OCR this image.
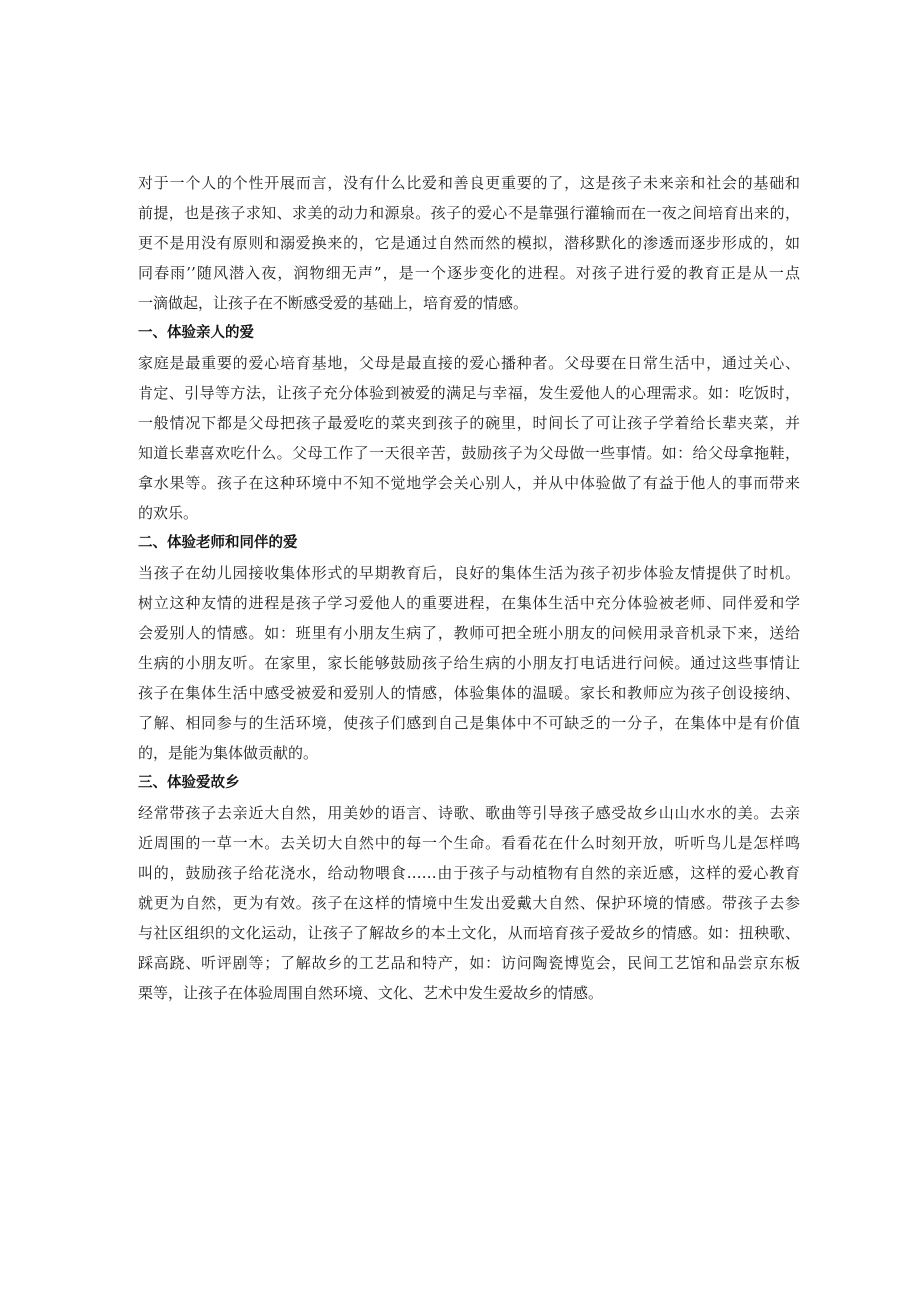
对于一个人的个性开展而言，没有什么比爱和善良更重要的了，这是孩子未来亲和社会的基础和
前提，也是孩子求知、求美的动力和源泉。孩子的爱心不是靠强行灌输而在一夜之间培育出来的，
更不是用没有原则和溺爱换来的，它是通过自然而然的模拟，潜移默化的渗透而逐步形成的，如
同春雨’’随风潜入夜，润物细无声”，是一个逐步变化的进程。对孩子进行爱的教育正是从一点
一滴做起，让孩子在不断感受爱的基础上，培育爱的情感。
一、体验亲人的爱
家庭是最重要的爱心培育基地，父母是最直接的爱心播种者。父母要在日常生活中，通过关心、
肯定、引导等方法，让孩子充分体验到被爱的满足与幸福，发生爱他人的心理需求。如：吃饭时，
一般情况下都是父母把孩子最爱吃的菜夹到孩子的碗里，时间长了可让孩子学着给长辈夹菜，并
知道长辈喜欢吃什么。父母工作了一天很辛苦，鼓励孩子为父母做一些事情。如：给父母拿拖鞋，
拿水果等。孩子在这种环境中不知不觉地学会关心别人，并从中体验做了有益于他人的事而带来
的欢乐。
二、体验老师和同伴的爱
当孩子在幼儿园接收集体形式的早期教育后，良好的集体生活为孩子初步体验友情提供了时机。
树立这种友情的进程是孩子学习爱他人的重要进程，在集体生活中充分体验被老师、同伴爱和学
会爱别人的情感。如：班里有小朋友生病了，教师可把全班小朋友的问候用录音机录下来，送给
生病的小朋友听。在家里，家长能够鼓励孩子给生病的小朋友打电话进行问候。通过这些事情让
孩子在集体生活中感受被爱和爱别人的情感，体验集体的温暖。家长和教师应为孩子创设接纳、
了解、相同参与的生活环境，使孩子们感到自己是集体中不可缺乏的一分子，在集体中是有价值
的，是能为集体做贡献的。
三、体验爱故乡
经常带孩子去亲近大自然，用美妙的语言、诗歌、歌曲等引导孩子感受故乡山山水水的美。去亲
近周围的一草一木。去关切大自然中的每一个生命。看看花在什么时刻开放，听听鸟儿是怎样鸣
叫的，鼓励孩子给花浇水，给动物喂食……由于孩子与动植物有自然的亲近感，这样的爱心教育
就更为自然，更为有效。孩子在这样的情境中生发出爱戴大自然、保护环境的情感。带孩子去参
与社区组织的文化运动，让孩子了解故乡的本土文化，从而培育孩子爱故乡的情感。如：扭秧歌、
踩高跷、听评剧等；了解故乡的工艺品和特产，如：访问陶瓷博览会，民间工艺馆和品尝京东板
栗等，让孩子在体验周围自然环境、文化、艺术中发生爱故乡的情感。
